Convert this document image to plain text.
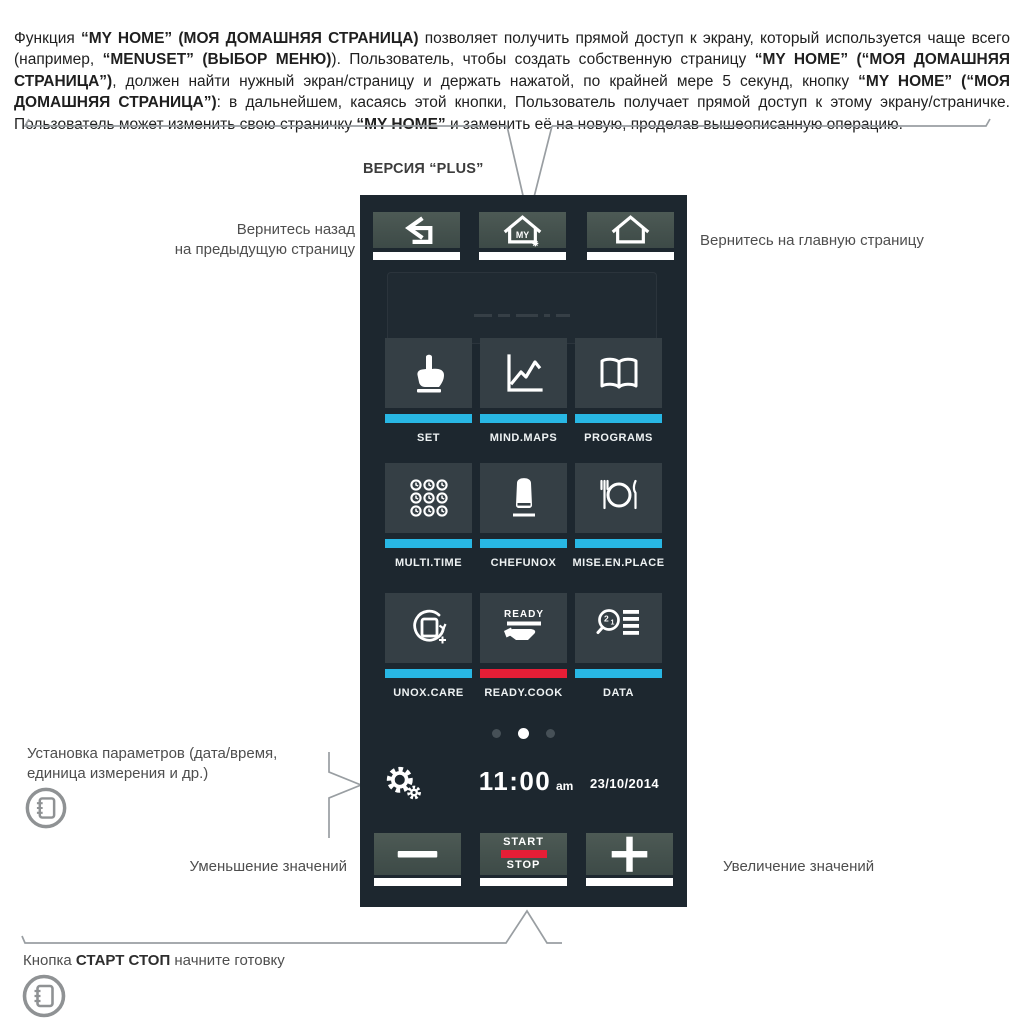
Функция “MY HOME” (МОЯ ДОМАШНЯЯ СТРАНИЦА) позволяет получить прямой доступ к экрану, который используется чаще всего (например, “MENUSET” (ВЫБОР МЕНЮ)). Пользователь, чтобы создать собственную страницу “MY HOME” (“МОЯ ДОМАШНЯЯ СТРАНИЦА”), должен найти нужный экран/страницу и держать нажатой, по крайней мере 5 секунд, кнопку “MY HOME” (“МОЯ ДОМАШНЯЯ СТРАНИЦА”): в дальнейшем, касаясь этой кнопки, Пользователь получает прямой доступ к этому экрану/страничке. Пользователь может изменить свою страничку “MY HOME” и заменить её на новую, проделав вышеописанную операцию.

ВЕРСИЯ “PLUS”
Вернитесь назад
на предыдущую страницу
Вернитесь на главную страницу
Установка параметров (дата/время,
единица измерения и др.)
Уменьшение значений	Увеличение значений
Кнопка СТАРТ СТОП начните готовку
MY
SET	MIND.MAPS PROGRAMS
MULTI.TIME	CHEFUNOX MISE.EN.PLACE
UNOX.CARE
READY
READY.COOK
2 1
DATA
11:00 am 23/10/2014
START
STOP
